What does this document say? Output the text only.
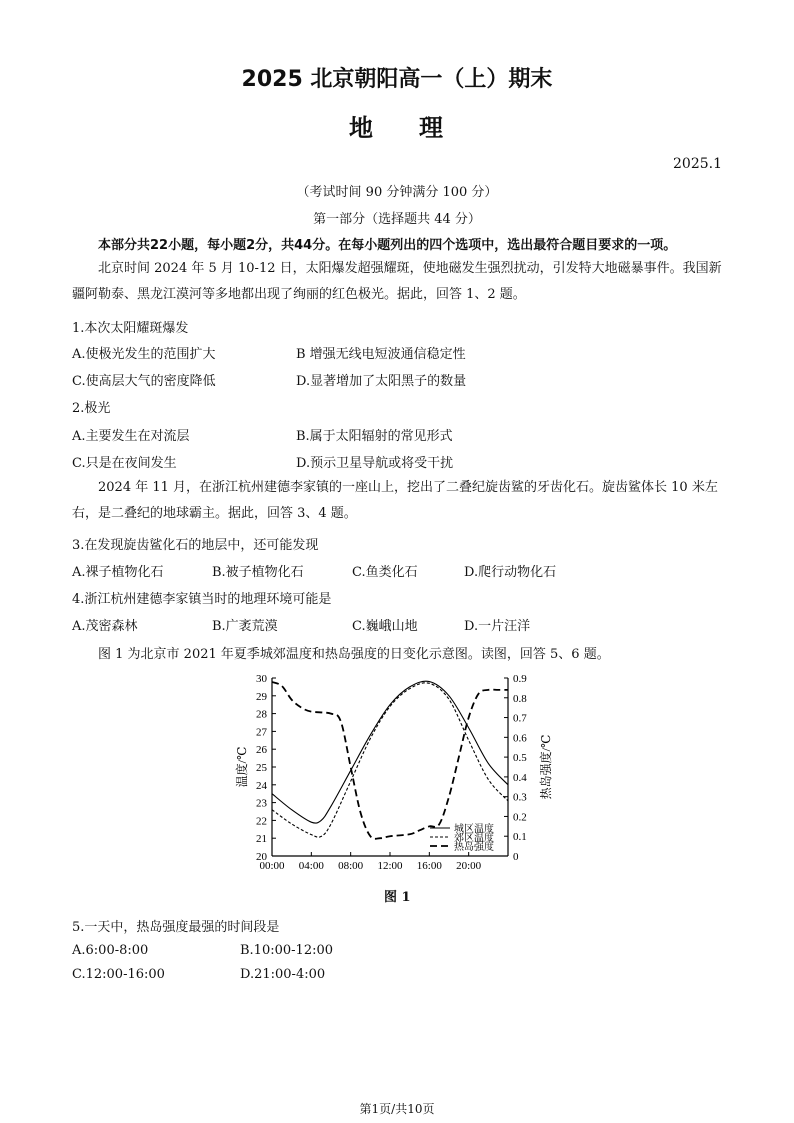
2025 北京朝阳高一（上）期末
地 理
2025.1
（考试时间 90 分钟满分 100 分）
第一部分（选择题共 44 分）
本部分共22小题，每小题2分，共44分。在每小题列出的四个选项中，选出最符合题目要求的一项。
北京时间 2024 年 5 月 10-12 日，太阳爆发超强耀斑，使地磁发生强烈扰动，引发特大地磁暴事件。我国新疆阿勒泰、黑龙江漠河等多地都出现了绚丽的红色极光。据此，回答 1、2 题。
1.本次太阳耀斑爆发
A.使极光发生的范围扩大	B 增强无线电短波通信稳定性
C.使高层大气的密度降低	D.显著增加了太阳黑子的数量
2.极光
A.主要发生在对流层	B.属于太阳辐射的常见形式
C.只是在夜间发生	D.预示卫星导航或将受干扰
2024 年 11 月，在浙江杭州建德李家镇的一座山上，挖出了二叠纪旋齿鲨的牙齿化石。旋齿鲨体长 10 米左右，是二叠纪的地球霸主。据此，回答 3、4 题。
3.在发现旋齿鲨化石的地层中，还可能发现
A.裸子植物化石	B.被子植物化石	C.鱼类化石	D.爬行动物化石
4.浙江杭州建德李家镇当时的地理环境可能是
A.茂密森林	B.广袤荒漠	C.巍峨山地	D.一片汪洋
图 1 为北京市 2021 年夏季城郊温度和热岛强度的日变化示意图。读图，回答 5、6 题。
20
21
22
23
24
25
26
27
28
29
30
0
0.1
0.2
0.3
0.4
0.5
0.6
0.7
0.8
0.9
00:00 04:00 08:00 12:00 16:00 20:00
温度/℃	热岛强度/℃
城区温度
郊区温度
热岛强度
图 1
5.一天中，热岛强度最强的时间段是
A.6:00-8:00	B.10:00-12:00
C.12:00-16:00	D.21:00-4:00
第1页/共10页
